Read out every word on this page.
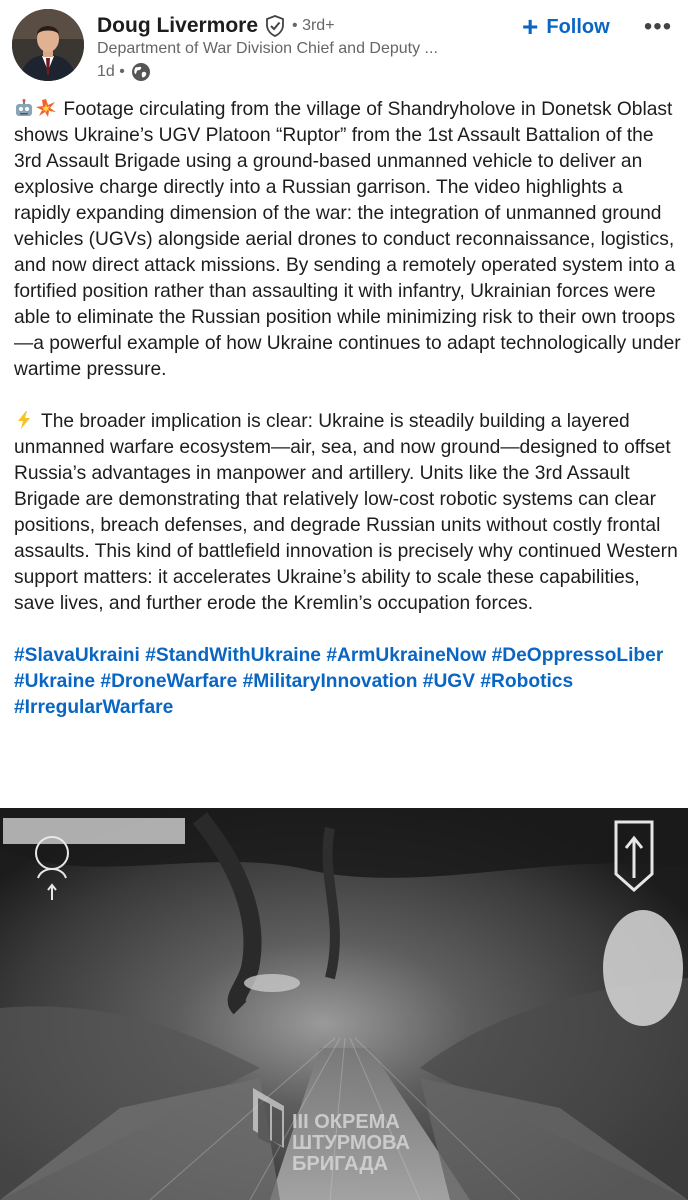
Doug Livermore • 3rd+
Department of War Division Chief and Deputy ...
1d •
+ Follow •••

Footage circulating from the village of Shandryholove in Donetsk Oblast shows Ukraine’s UGV Platoon “Ruptor” from the 1st Assault Battalion of the 3rd Assault Brigade using a ground-based unmanned vehicle to deliver an explosive charge directly into a Russian garrison. The video highlights a rapidly expanding dimension of the war: the integration of unmanned ground vehicles (UGVs) alongside aerial drones to conduct reconnaissance, logistics, and now direct attack missions. By sending a remotely operated system into a fortified position rather than assaulting it with infantry, Ukrainian forces were able to eliminate the Russian position while minimizing risk to their own troops—a powerful example of how Ukraine continues to adapt technologically under wartime pressure.

The broader implication is clear: Ukraine is steadily building a layered unmanned warfare ecosystem—air, sea, and now ground—designed to offset Russia’s advantages in manpower and artillery. Units like the 3rd Assault Brigade are demonstrating that relatively low-cost robotic systems can clear positions, breach defenses, and degrade Russian units without costly frontal assaults. This kind of battlefield innovation is precisely why continued Western support matters: it accelerates Ukraine’s ability to scale these capabilities, save lives, and further erode the Kremlin’s occupation forces.

#SlavaUkraini #StandWithUkraine #ArmUkraineNow #DeOppressoLiber #Ukraine #DroneWarfare #MilitaryInnovation #UGV #Robotics #IrregularWarfare
III ОКРЕМА
ШТУРМОВА
БРИГАДА
